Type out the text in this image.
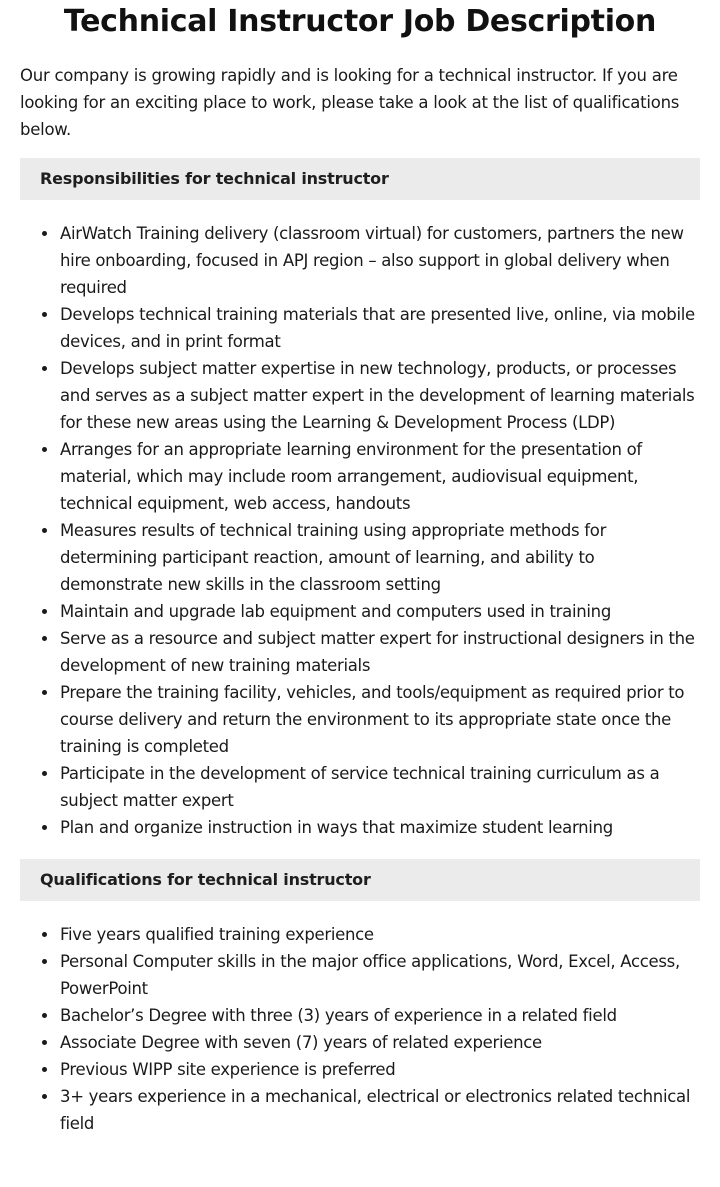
Technical Instructor Job Description

Our company is growing rapidly and is looking for a technical instructor. If you are looking for an exciting place to work, please take a look at the list of qualifications below.

Responsibilities for technical instructor
AirWatch Training delivery (classroom virtual) for customers, partners the new hire onboarding, focused in APJ region – also support in global delivery when required
Develops technical training materials that are presented live, online, via mobile devices, and in print format
Develops subject matter expertise in new technology, products, or processes and serves as a subject matter expert in the development of learning materials for these new areas using the Learning & Development Process (LDP)
Arranges for an appropriate learning environment for the presentation of material, which may include room arrangement, audiovisual equipment, technical equipment, web access, handouts
Measures results of technical training using appropriate methods for determining participant reaction, amount of learning, and ability to demonstrate new skills in the classroom setting
Maintain and upgrade lab equipment and computers used in training
Serve as a resource and subject matter expert for instructional designers in the development of new training materials
Prepare the training facility, vehicles, and tools/equipment as required prior to course delivery and return the environment to its appropriate state once the training is completed
Participate in the development of service technical training curriculum as a subject matter expert
Plan and organize instruction in ways that maximize student learning
Qualifications for technical instructor
Five years qualified training experience
Personal Computer skills in the major office applications, Word, Excel, Access, PowerPoint
Bachelor’s Degree with three (3) years of experience in a related field
Associate Degree with seven (7) years of related experience
Previous WIPP site experience is preferred
3+ years experience in a mechanical, electrical or electronics related technical field
